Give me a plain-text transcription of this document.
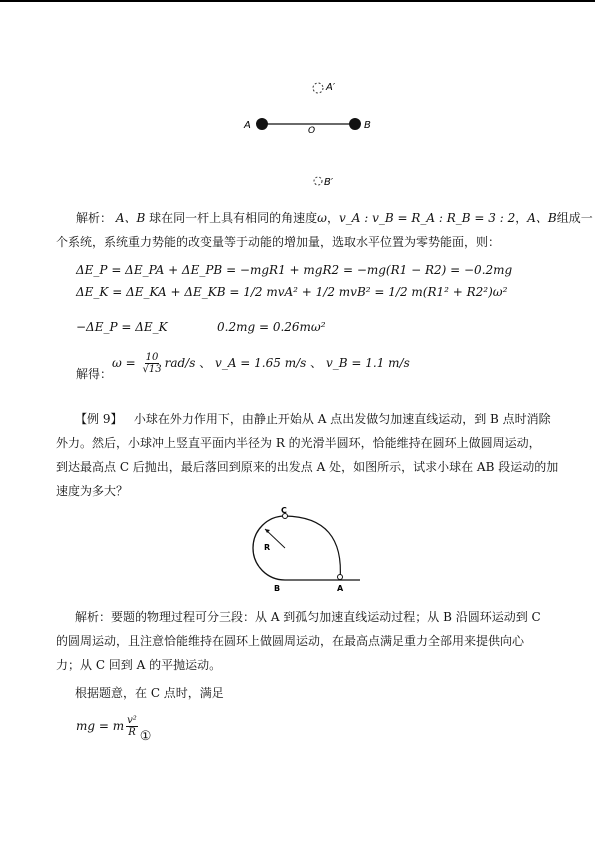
A′
A	B
O
B′
解析： A、B 球在同一杆上具有相同的角速度ω，v_A : v_B = R_A : R_B = 3 : 2，A、B组成一
个系统，系统重力势能的改变量等于动能的增加量，选取水平位置为零势能面，则：
ΔE_P = ΔE_PA + ΔE_PB = −mgR1 + mgR2 = −mg(R1 − R2) = −0.2mg
ΔE_K = ΔE_KA + ΔE_KB = 1/2 mvA² + 1/2 mvB² = 1/2 m(R1² + R2²)ω²
−ΔE_P = ΔE_K	0.2mg = 0.26mω²
解得：
$\omega = \frac{10}{√13} rad/s$ 、 v_A = 1.65 m/s 、 v_B = 1.1 m/s
【例 9】 小球在外力作用下，由静止开始从 A 点出发做匀加速直线运动，到 B 点时消除
外力。然后，小球冲上竖直平面内半径为 R 的光滑半圆环，恰能维持在圆环上做圆周运动，
到达最高点 C 后抛出，最后落回到原来的出发点 A 处，如图所示，试求小球在 AB 段运动的加
速度为多大？
C
R
B	A
解析：要题的物理过程可分三段：从 A 到孤匀加速直线运动过程；从 B 沿圆环运动到 C
的圆周运动，且注意恰能维持在圆环上做圆周运动，在最高点满足重力全部用来提供向心
力；从 C 回到 A 的平抛运动。
根据题意，在 C 点时，满足
mg = m $\frac{\text{v²}}{R}$ ①
